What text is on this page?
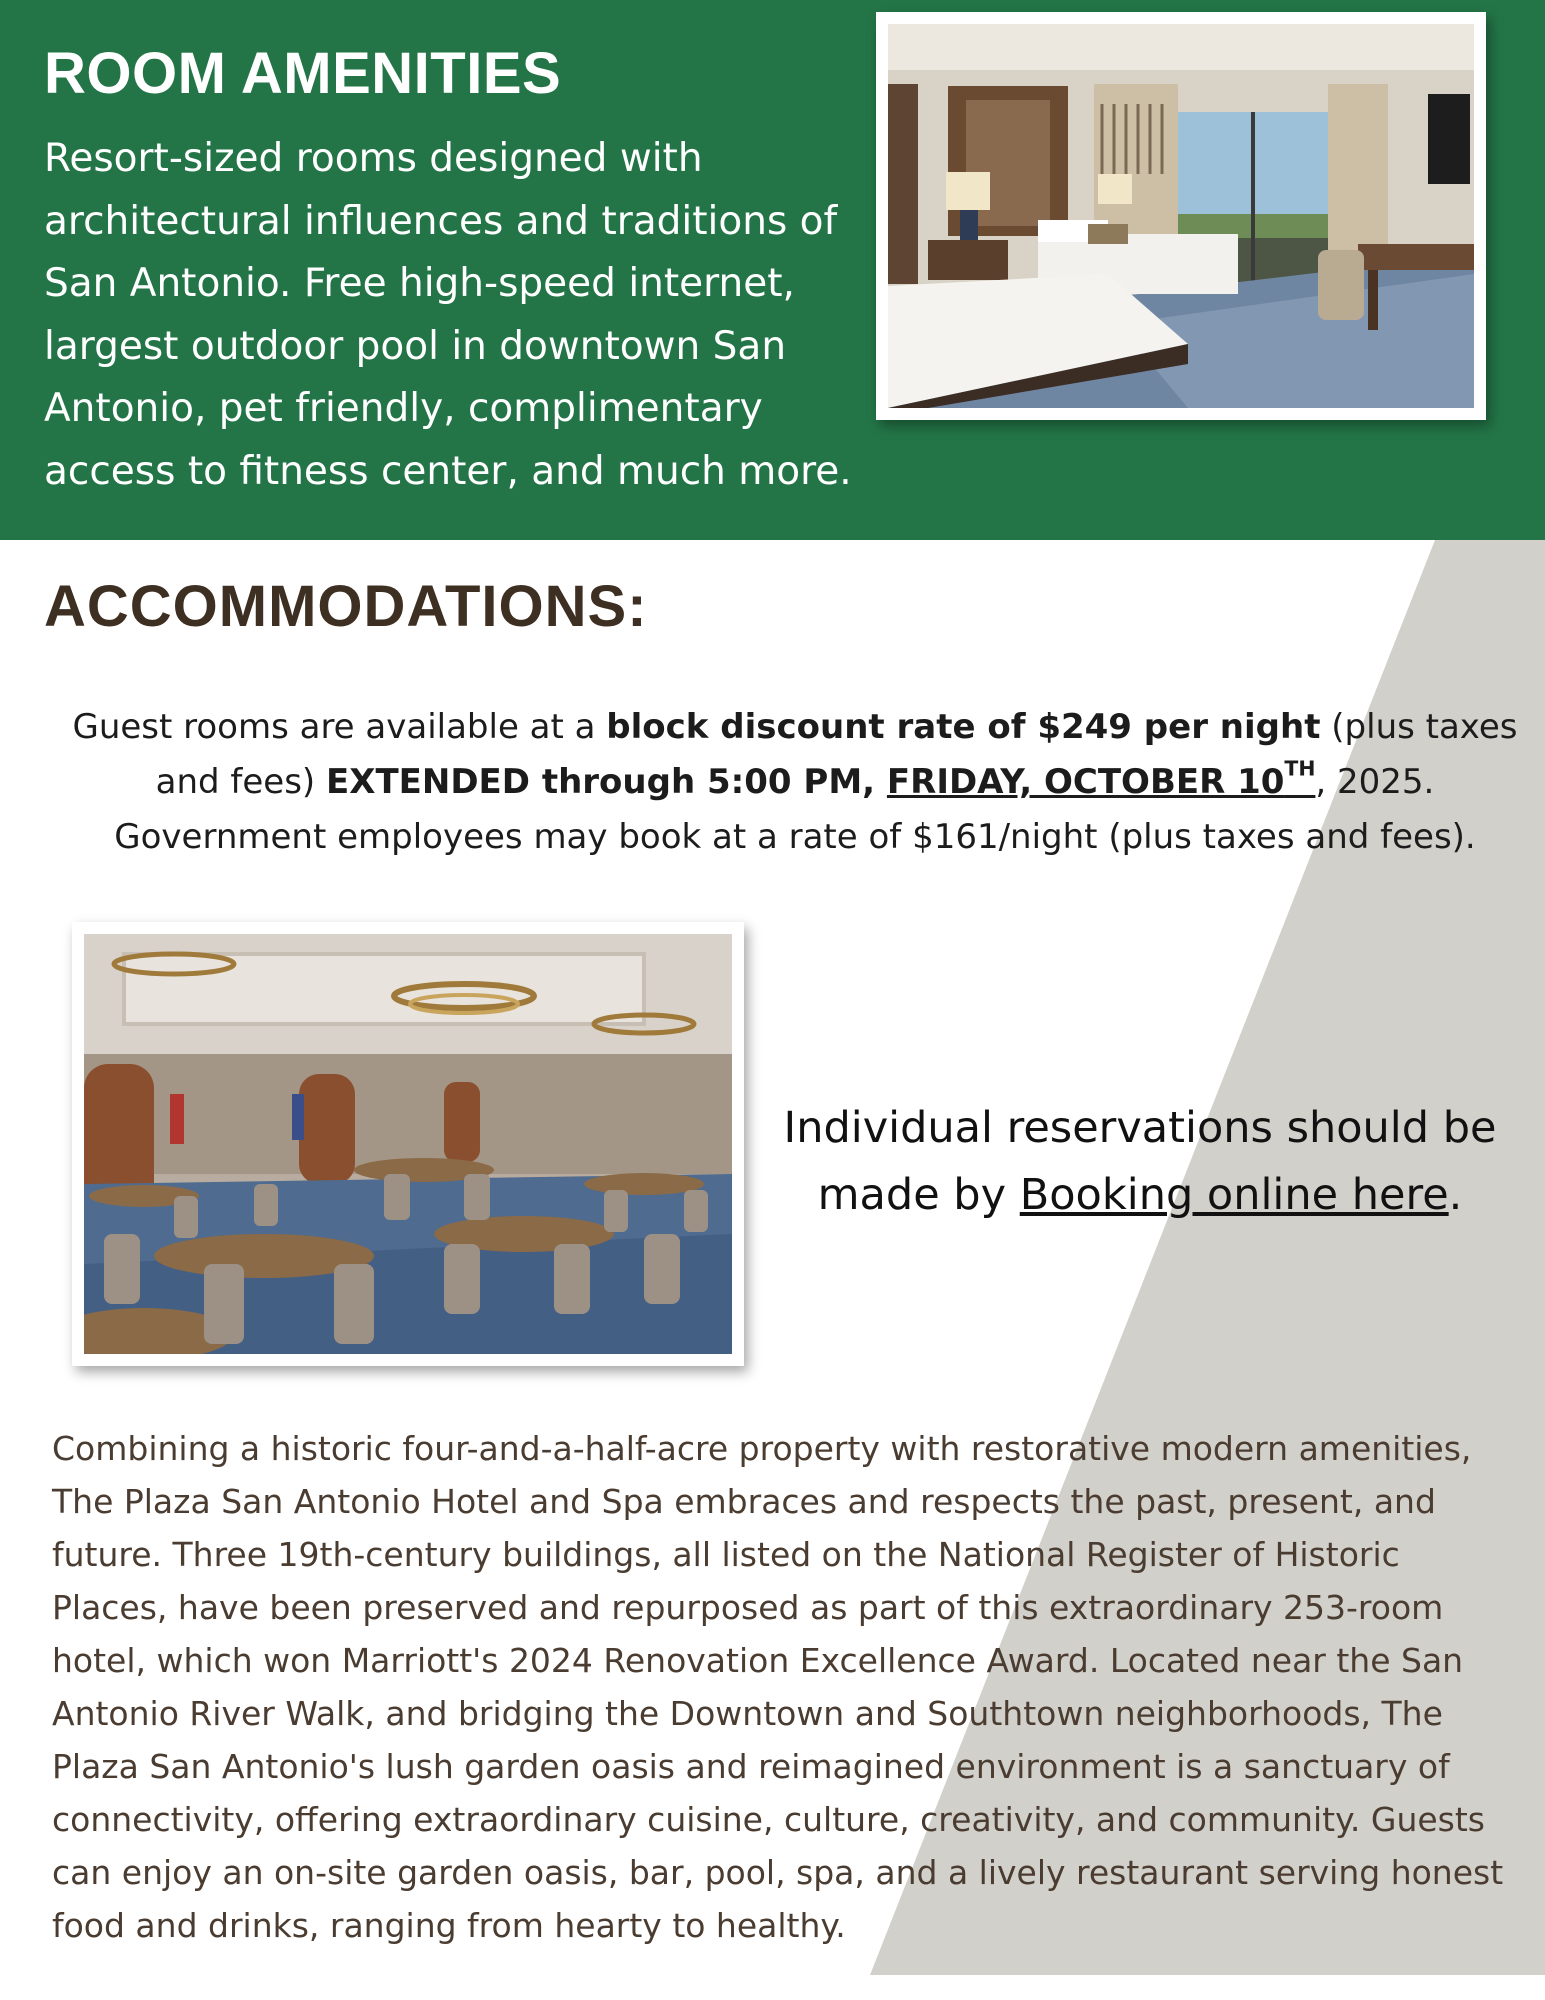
ROOM AMENITIES

Resort-sized rooms designed with architectural influences and traditions of San Antonio. Free high-speed internet, largest outdoor pool in downtown San Antonio, pet friendly, complimentary access to fitness center, and much more.

ACCOMMODATIONS:

Guest rooms are available at a block discount rate of $249 per night (plus taxes and fees) EXTENDED through 5:00 PM, FRIDAY, OCTOBER 10TH, 2025.

Government employees may book at a rate of $161/night (plus taxes and fees).

Individual reservations should be made by Booking online here.

Combining a historic four-and-a-half-acre property with restorative modern amenities, The Plaza San Antonio Hotel and Spa embraces and respects the past, present, and future. Three 19th-century buildings, all listed on the National Register of Historic Places, have been preserved and repurposed as part of this extraordinary 253-room hotel, which won Marriott's 2024 Renovation Excellence Award. Located near the San Antonio River Walk, and bridging the Downtown and Southtown neighborhoods, The Plaza San Antonio's lush garden oasis and reimagined environment is a sanctuary of connectivity, offering extraordinary cuisine, culture, creativity, and community. Guests can enjoy an on-site garden oasis, bar, pool, spa, and a lively restaurant serving honest food and drinks, ranging from hearty to healthy.
